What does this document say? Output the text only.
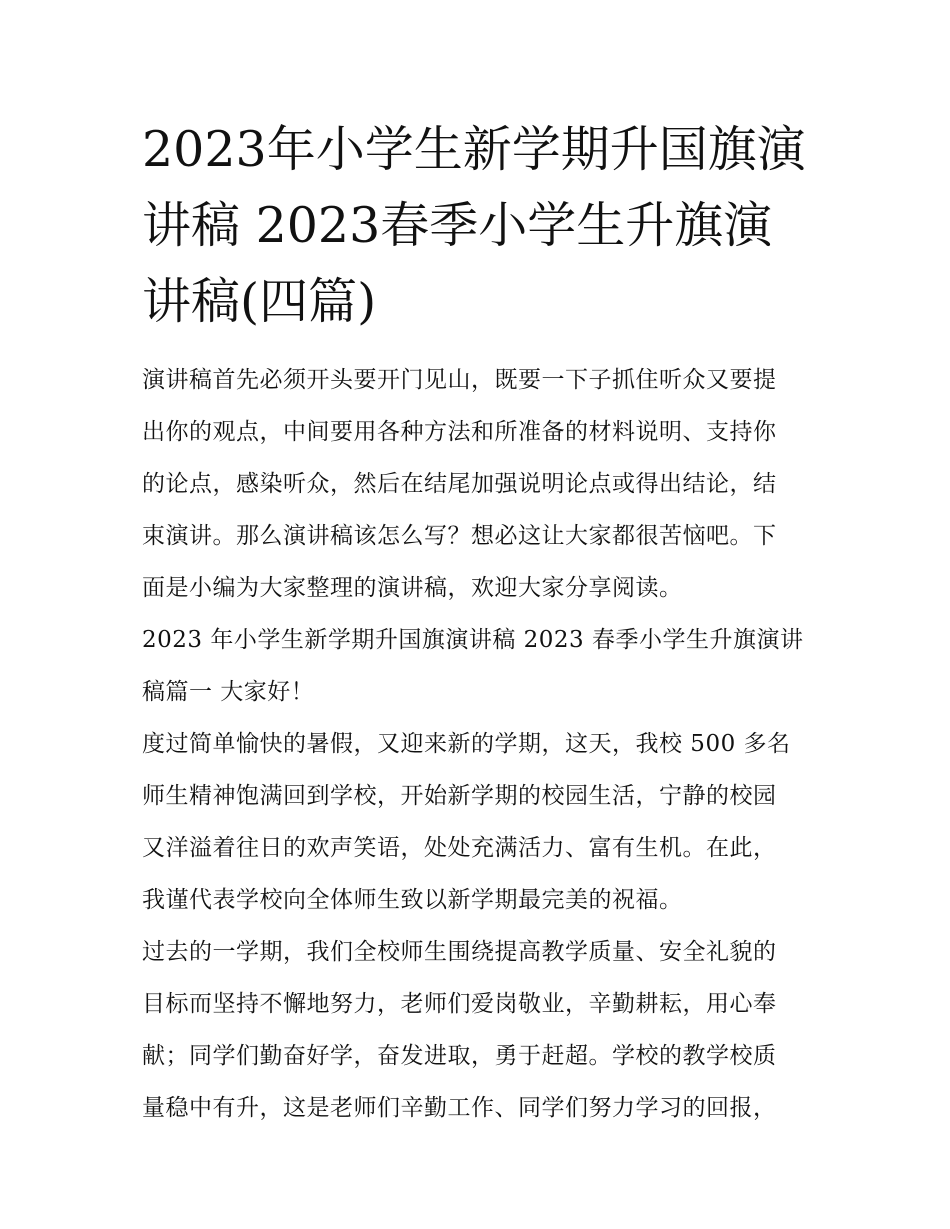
2023年小学生新学期升国旗演
讲稿 2023春季小学生升旗演
讲稿(四篇)

演讲稿首先必须开头要开门见山，既要一下子抓住听众又要提
出你的观点，中间要用各种方法和所准备的材料说明、支持你
的论点，感染听众，然后在结尾加强说明论点或得出结论，结
束演讲。那么演讲稿该怎么写？想必这让大家都很苦恼吧。下
面是小编为大家整理的演讲稿，欢迎大家分享阅读。

2023 年小学生新学期升国旗演讲稿 2023 春季小学生升旗演讲
稿篇一 大家好！

度过简单愉快的暑假，又迎来新的学期，这天，我校 500 多名
师生精神饱满回到学校，开始新学期的校园生活，宁静的校园
又洋溢着往日的欢声笑语，处处充满活力、富有生机。在此，
我谨代表学校向全体师生致以新学期最完美的祝福。

过去的一学期，我们全校师生围绕提高教学质量、安全礼貌的
目标而坚持不懈地努力，老师们爱岗敬业，辛勤耕耘，用心奉
献；同学们勤奋好学，奋发进取，勇于赶超。学校的教学校质
量稳中有升，这是老师们辛勤工作、同学们努力学习的回报，
